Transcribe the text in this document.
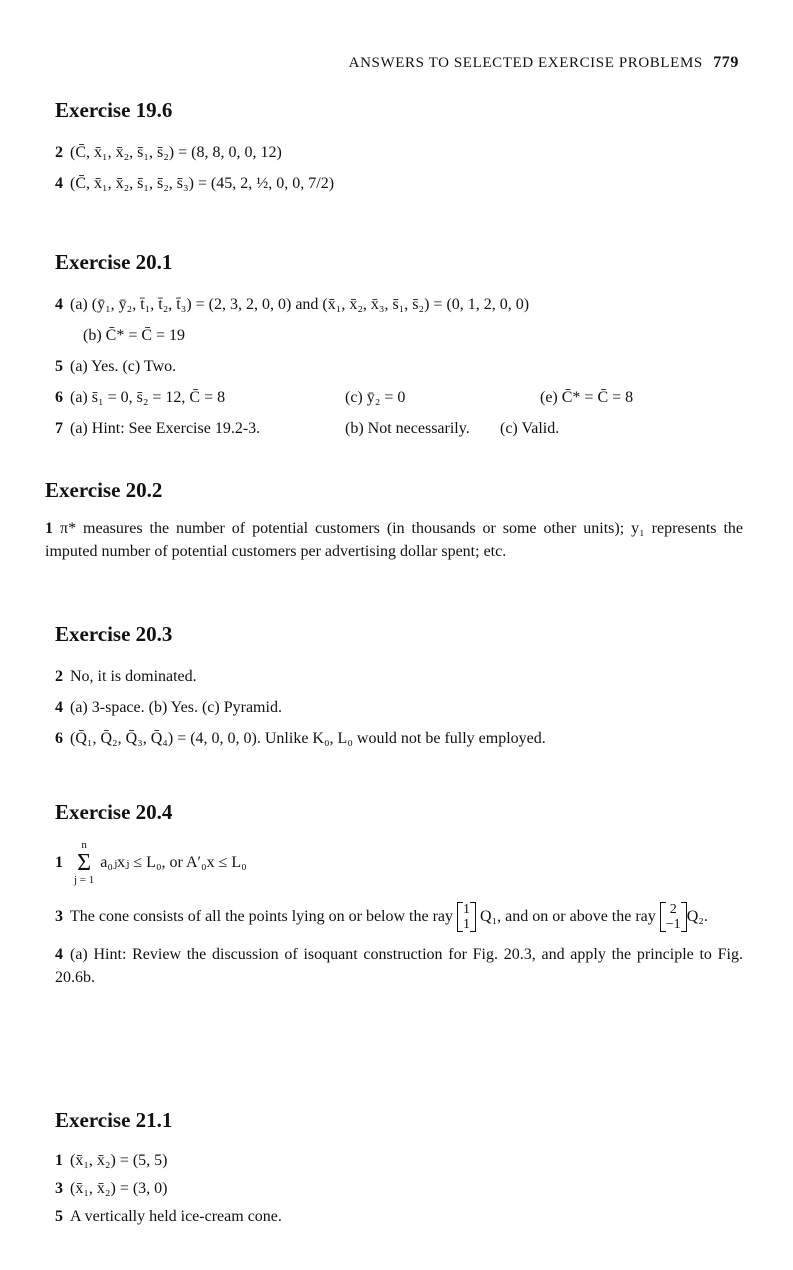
ANSWERS TO SELECTED EXERCISE PROBLEMS 779
Exercise 19.6
2 (C̄, x̄₁, x̄₂, s̄₁, s̄₂) = (8, 8, 0, 0, 12)
4 (C̄, x̄₁, x̄₂, s̄₁, s̄₂, s̄₃) = (45, 2, ½, 0, 0, 7/2)
Exercise 20.1
4 (a) (ȳ₁, ȳ₂, t̄₁, t̄₂, t̄₃) = (2, 3, 2, 0, 0) and (x̄₁, x̄₂, x̄₃, s̄₁, s̄₂) = (0, 1, 2, 0, 0)
(b) C̄* = C̄ = 19
5 (a) Yes. (c) Two.
6 (a) s̄₁ = 0, s̄₂ = 12, C̄ = 8	(c) ȳ₂ = 0	(e) C̄* = C̄ = 8
7 (a) Hint: See Exercise 19.2-3.	(b) Not necessarily. (c) Valid.
Exercise 20.2
1 π* measures the number of potential customers (in thousands or some other units); y₁ represents the imputed number of potential customers per advertising dollar spent; etc.
Exercise 20.3
2 No, it is dominated.
4 (a) 3-space. (b) Yes. (c) Pyramid.
6 (Q̄₁, Q̄₂, Q̄₃, Q̄₄) = (4, 0, 0, 0). Unlike K₀, L₀ would not be fully employed.
Exercise 20.4
1
n
Σ
j = 1
a₀ⱼxⱼ ≤ L₀, or A′₀x ≤ L₀
3 The cone consists of all the points lying on or below the ray 1
1 Q₁, and on or above the ray 2
−1 Q₂.
4 (a) Hint: Review the discussion of isoquant construction for Fig. 20.3, and apply the principle to Fig. 20.6b.
Exercise 21.1
1 (x̄₁, x̄₂) = (5, 5)
3 (x̄₁, x̄₂) = (3, 0)
5 A vertically held ice-cream cone.
